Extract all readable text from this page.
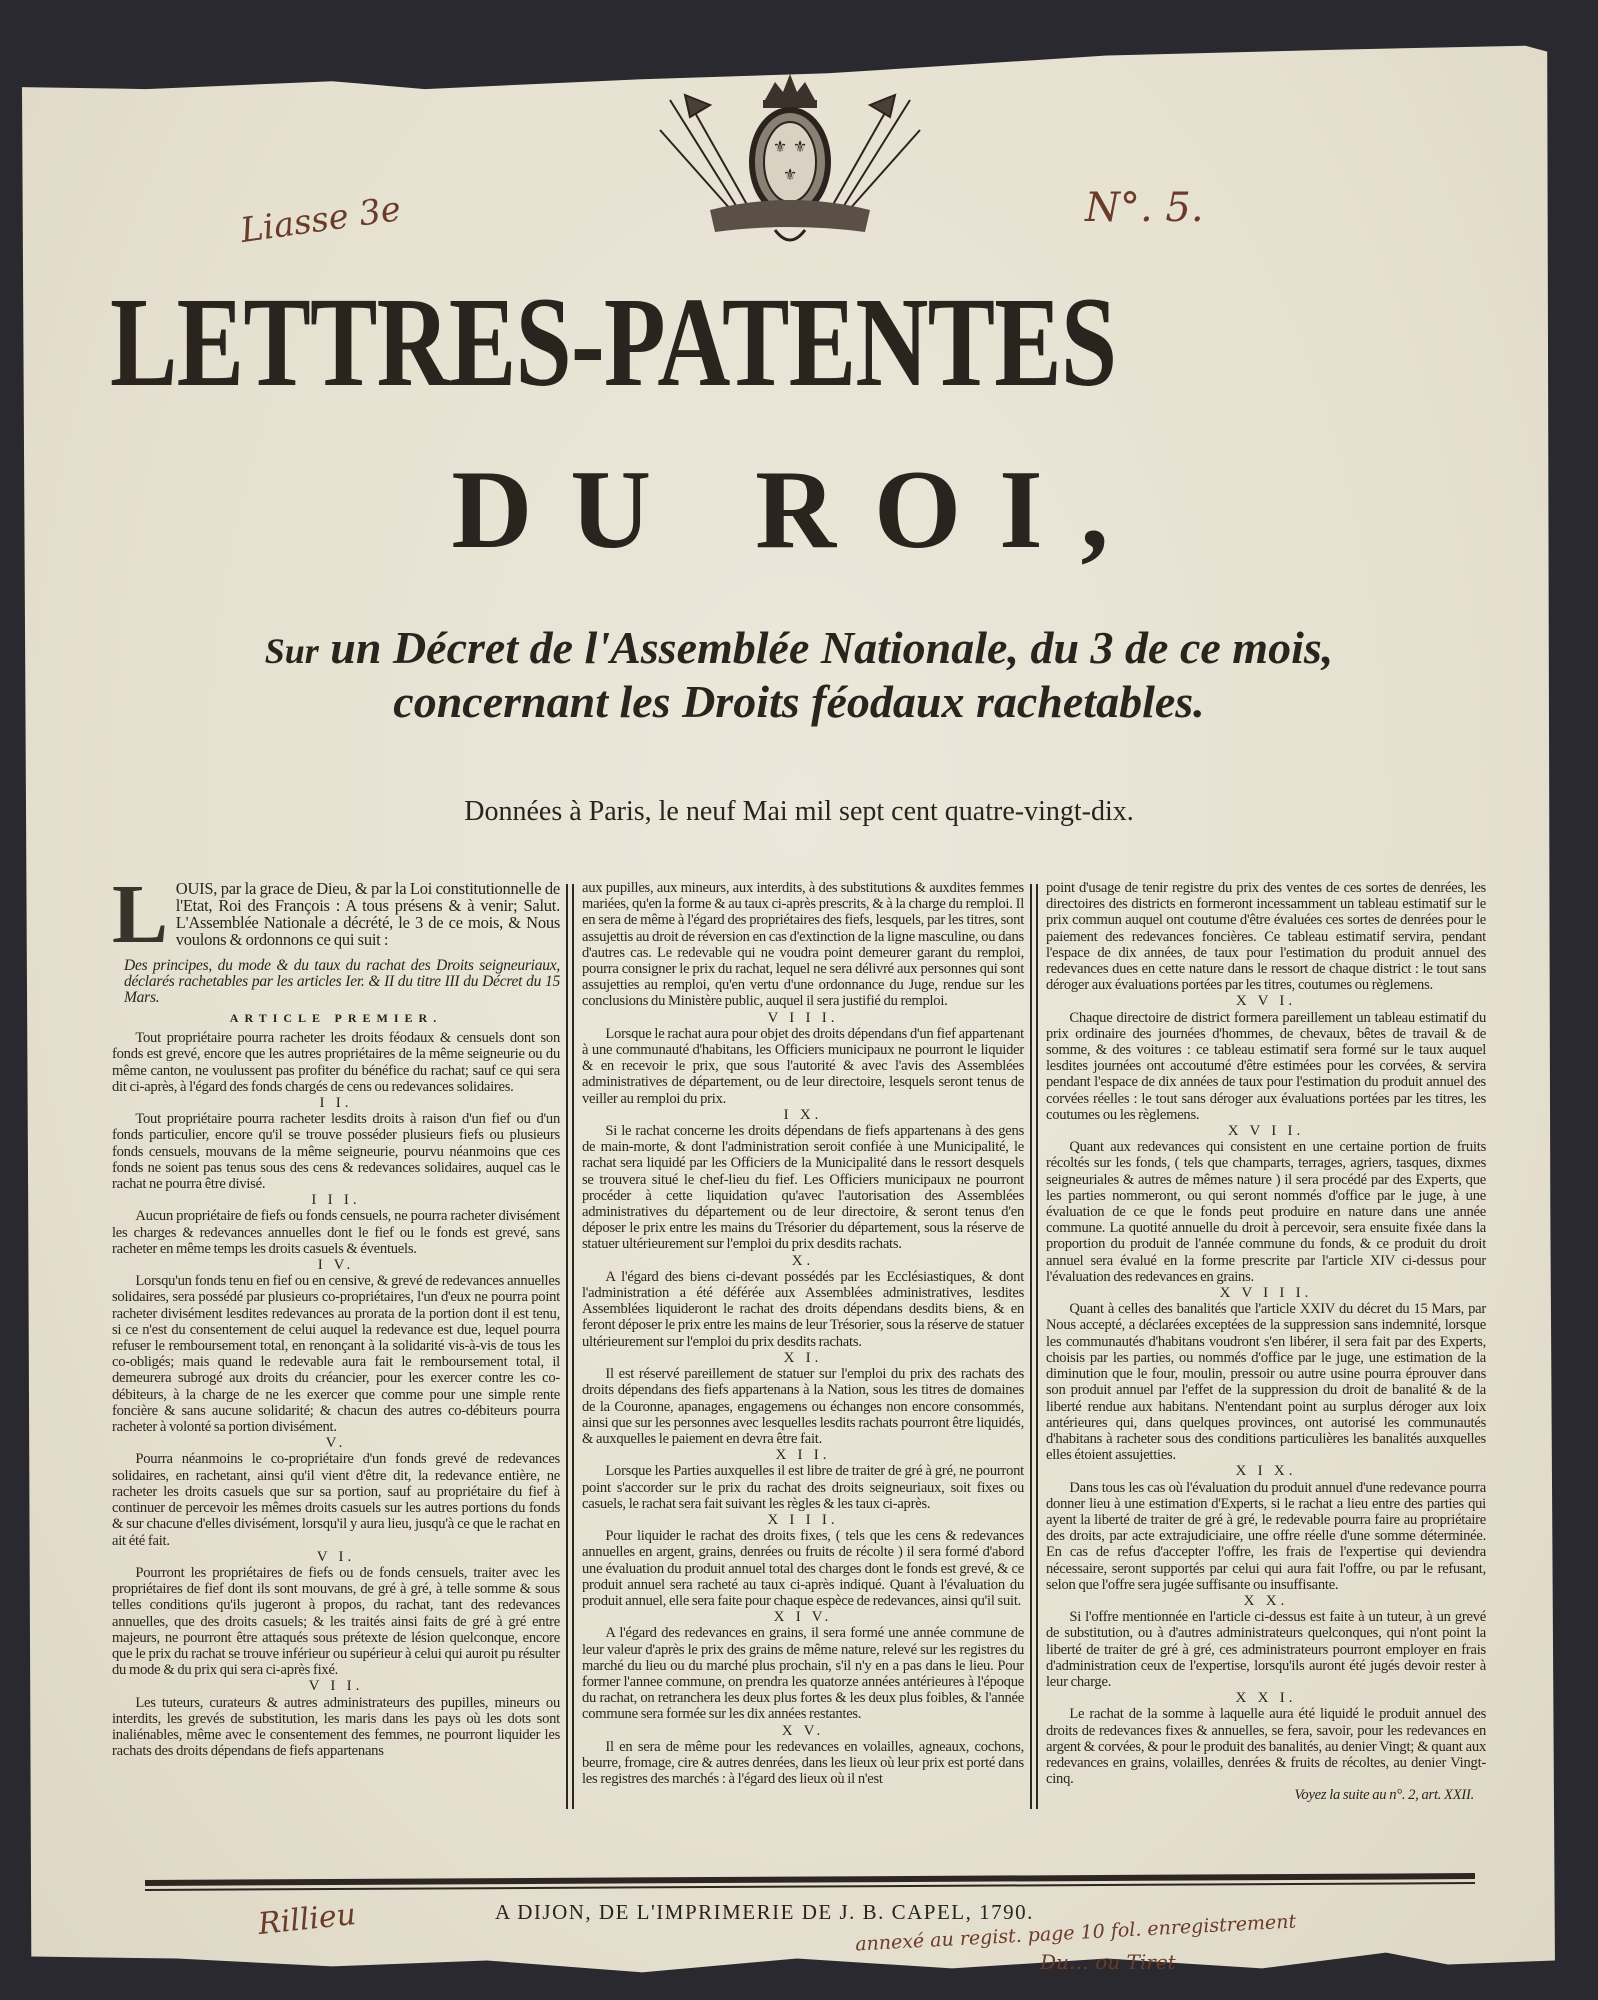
Liasse 3e	N°. 5.
⚜ ⚜
⚜
LETTRES-PATENTES
DU ROI,
Sur un Décret de l'Assemblée Nationale, du 3 de ce mois,
concernant les Droits féodaux rachetables.
Données à Paris, le neuf Mai mil sept cent quatre-vingt-dix.

LOUIS, par la grace de Dieu, & par la Loi constitutionnelle de l'Etat, Roi des François : A tous présens & à venir; Salut. L'Assemblée Nationale a décrété, le 3 de ce mois, & Nous voulons & ordonnons ce qui suit :

Des principes, du mode & du taux du rachat des Droits seigneuriaux, déclarés rachetables par les articles Ier. & II du titre III du Décret du 15 Mars.

ARTICLE PREMIER.

Tout propriétaire pourra racheter les droits féodaux & censuels dont son fonds est grevé, encore que les autres propriétaires de la même seigneurie ou du même canton, ne voulussent pas profiter du bénéfice du rachat; sauf ce qui sera dit ci-après, à l'égard des fonds chargés de cens ou redevances solidaires.

I I.

Tout propriétaire pourra racheter lesdits droits à raison d'un fief ou d'un fonds particulier, encore qu'il se trouve posséder plusieurs fiefs ou plusieurs fonds censuels, mouvans de la même seigneurie, pourvu néanmoins que ces fonds ne soient pas tenus sous des cens & redevances solidaires, auquel cas le rachat ne pourra être divisé.

I I I.

Aucun propriétaire de fiefs ou fonds censuels, ne pourra racheter divisément les charges & redevances annuelles dont le fief ou le fonds est grevé, sans racheter en même temps les droits casuels & éventuels.

I V.

Lorsqu'un fonds tenu en fief ou en censive, & grevé de redevances annuelles solidaires, sera possédé par plusieurs co-propriétaires, l'un d'eux ne pourra point racheter divisément lesdites redevances au prorata de la portion dont il est tenu, si ce n'est du consentement de celui auquel la redevance est due, lequel pourra refuser le remboursement total, en renonçant à la solidarité vis-à-vis de tous les co-obligés; mais quand le redevable aura fait le remboursement total, il demeurera subrogé aux droits du créancier, pour les exercer contre les co-débiteurs, à la charge de ne les exercer que comme pour une simple rente foncière & sans aucune solidarité; & chacun des autres co-débiteurs pourra racheter à volonté sa portion divisément.

V.

Pourra néanmoins le co-propriétaire d'un fonds grevé de redevances solidaires, en rachetant, ainsi qu'il vient d'être dit, la redevance entière, ne racheter les droits casuels que sur sa portion, sauf au propriétaire du fief à continuer de percevoir les mêmes droits casuels sur les autres portions du fonds & sur chacune d'elles divisément, lorsqu'il y aura lieu, jusqu'à ce que le rachat en ait été fait.

V I.

Pourront les propriétaires de fiefs ou de fonds censuels, traiter avec les propriétaires de fief dont ils sont mouvans, de gré à gré, à telle somme & sous telles conditions qu'ils jugeront à propos, du rachat, tant des redevances annuelles, que des droits casuels; & les traités ainsi faits de gré à gré entre majeurs, ne pourront être attaqués sous prétexte de lésion quelconque, encore que le prix du rachat se trouve inférieur ou supérieur à celui qui auroit pu résulter du mode & du prix qui sera ci-après fixé.

V I I.

Les tuteurs, curateurs & autres administrateurs des pupilles, mineurs ou interdits, les grevés de substitution, les maris dans les pays où les dots sont inaliénables, même avec le consentement des femmes, ne pourront liquider les rachats des droits dépendans de fiefs appartenans

aux pupilles, aux mineurs, aux interdits, à des substitutions & auxdites femmes mariées, qu'en la forme & au taux ci-après prescrits, & à la charge du remploi. Il en sera de même à l'égard des propriétaires des fiefs, lesquels, par les titres, sont assujettis au droit de réversion en cas d'extinction de la ligne masculine, ou dans d'autres cas. Le redevable qui ne voudra point demeurer garant du remploi, pourra consigner le prix du rachat, lequel ne sera délivré aux personnes qui sont assujetties au remploi, qu'en vertu d'une ordonnance du Juge, rendue sur les conclusions du Ministère public, auquel il sera justifié du remploi.

V I I I.

Lorsque le rachat aura pour objet des droits dépendans d'un fief appartenant à une communauté d'habitans, les Officiers municipaux ne pourront le liquider & en recevoir le prix, que sous l'autorité & avec l'avis des Assemblées administratives de département, ou de leur directoire, lesquels seront tenus de veiller au remploi du prix.

I X.

Si le rachat concerne les droits dépendans de fiefs appartenans à des gens de main-morte, & dont l'administration seroit confiée à une Municipalité, le rachat sera liquidé par les Officiers de la Municipalité dans le ressort desquels se trouvera situé le chef-lieu du fief. Les Officiers municipaux ne pourront procéder à cette liquidation qu'avec l'autorisation des Assemblées administratives du département ou de leur directoire, & seront tenus d'en déposer le prix entre les mains du Trésorier du département, sous la réserve de statuer ultérieurement sur l'emploi du prix desdits rachats.

X.

A l'égard des biens ci-devant possédés par les Ecclésiastiques, & dont l'administration a été déférée aux Assemblées administratives, lesdites Assemblées liquideront le rachat des droits dépendans desdits biens, & en feront déposer le prix entre les mains de leur Trésorier, sous la réserve de statuer ultérieurement sur l'emploi du prix desdits rachats.

X I.

Il est réservé pareillement de statuer sur l'emploi du prix des rachats des droits dépendans des fiefs appartenans à la Nation, sous les titres de domaines de la Couronne, apanages, engagemens ou échanges non encore consommés, ainsi que sur les personnes avec lesquelles lesdits rachats pourront être liquidés, & auxquelles le paiement en devra être fait.

X I I.

Lorsque les Parties auxquelles il est libre de traiter de gré à gré, ne pourront point s'accorder sur le prix du rachat des droits seigneuriaux, soit fixes ou casuels, le rachat sera fait suivant les règles & les taux ci-après.

X I I I.

Pour liquider le rachat des droits fixes, ( tels que les cens & redevances annuelles en argent, grains, denrées ou fruits de récolte ) il sera formé d'abord une évaluation du produit annuel total des charges dont le fonds est grevé, & ce produit annuel sera racheté au taux ci-après indiqué. Quant à l'évaluation du produit annuel, elle sera faite pour chaque espèce de redevances, ainsi qu'il suit.

X I V.

A l'égard des redevances en grains, il sera formé une année commune de leur valeur d'après le prix des grains de même nature, relevé sur les registres du marché du lieu ou du marché plus prochain, s'il n'y en a pas dans le lieu. Pour former l'annee commune, on prendra les quatorze années antérieures à l'époque du rachat, on retranchera les deux plus fortes & les deux plus foibles, & l'année commune sera formée sur les dix années restantes.

X V.

Il en sera de même pour les redevances en volailles, agneaux, cochons, beurre, fromage, cire & autres denrées, dans les lieux où leur prix est porté dans les registres des marchés : à l'égard des lieux où il n'est

point d'usage de tenir registre du prix des ventes de ces sortes de denrées, les directoires des districts en formeront incessamment un tableau estimatif sur le prix commun auquel ont coutume d'être évaluées ces sortes de denrées pour le paiement des redevances foncières. Ce tableau estimatif servira, pendant l'espace de dix années, de taux pour l'estimation du produit annuel des redevances dues en cette nature dans le ressort de chaque district : le tout sans déroger aux évaluations portées par les titres, coutumes ou règlemens.

X V I.

Chaque directoire de district formera pareillement un tableau estimatif du prix ordinaire des journées d'hommes, de chevaux, bêtes de travail & de somme, & des voitures : ce tableau estimatif sera formé sur le taux auquel lesdites journées ont accoutumé d'être estimées pour les corvées, & servira pendant l'espace de dix années de taux pour l'estimation du produit annuel des corvées réelles : le tout sans déroger aux évaluations portées par les titres, les coutumes ou les règlemens.

X V I I.

Quant aux redevances qui consistent en une certaine portion de fruits récoltés sur les fonds, ( tels que champarts, terrages, agriers, tasques, dixmes seigneuriales & autres de mêmes nature ) il sera procédé par des Experts, que les parties nommeront, ou qui seront nommés d'office par le juge, à une évaluation de ce que le fonds peut produire en nature dans une année commune. La quotité annuelle du droit à percevoir, sera ensuite fixée dans la proportion du produit de l'année commune du fonds, & ce produit du droit annuel sera évalué en la forme prescrite par l'article XIV ci-dessus pour l'évaluation des redevances en grains.

X V I I I.

Quant à celles des banalités que l'article XXIV du décret du 15 Mars, par Nous accepté, a déclarées exceptées de la suppression sans indemnité, lorsque les communautés d'habitans voudront s'en libérer, il sera fait par des Experts, choisis par les parties, ou nommés d'office par le juge, une estimation de la diminution que le four, moulin, pressoir ou autre usine pourra éprouver dans son produit annuel par l'effet de la suppression du droit de banalité & de la liberté rendue aux habitans. N'entendant point au surplus déroger aux loix antérieures qui, dans quelques provinces, ont autorisé les communautés d'habitans à racheter sous des conditions particulières les banalités auxquelles elles étoient assujetties.

X I X.

Dans tous les cas où l'évaluation du produit annuel d'une redevance pourra donner lieu à une estimation d'Experts, si le rachat a lieu entre des parties qui ayent la liberté de traiter de gré à gré, le redevable pourra faire au propriétaire des droits, par acte extrajudiciaire, une offre réelle d'une somme déterminée. En cas de refus d'accepter l'offre, les frais de l'expertise qui deviendra nécessaire, seront supportés par celui qui aura fait l'offre, ou par le refusant, selon que l'offre sera jugée suffisante ou insuffisante.

X X.

Si l'offre mentionnée en l'article ci-dessus est faite à un tuteur, à un grevé de substitution, ou à d'autres administrateurs quelconques, qui n'ont point la liberté de traiter de gré à gré, ces administrateurs pourront employer en frais d'administration ceux de l'expertise, lorsqu'ils auront été jugés devoir rester à leur charge.

X X I.

Le rachat de la somme à laquelle aura été liquidé le produit annuel des droits de redevances fixes & annuelles, se fera, savoir, pour les redevances en argent & corvées, & pour le produit des banalités, au denier Vingt; & quant aux redevances en grains, volailles, denrées & fruits de récoltes, au denier Vingt-cinq.

Voyez la suite au n°. 2, art. XXII.

A DIJON, DE L'IMPRIMERIE DE J. B. CAPEL, 1790.
Rillieu	annexé au regist. page 10 fol. enregistrement
Du… ou Tiret
